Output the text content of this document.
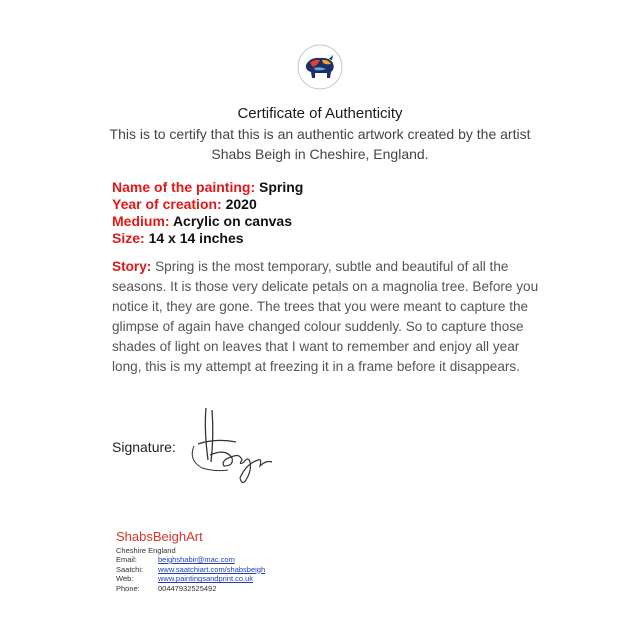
Certificate of Authenticity
This is to certify that this is an authentic artwork created by the artist
Shabs Beigh in Cheshire, England.
Name of the painting: Spring
Year of creation: 2020
Medium: Acrylic on canvas
Size: 14 x 14 inches
Story: Spring is the most temporary, subtle and beautiful of all the seasons. It is those very delicate petals on a magnolia tree. Before you notice it, they are gone. The trees that you were meant to capture the glimpse of again have changed colour suddenly. So to capture those shades of light on leaves that I want to remember and enjoy all year long, this is my attempt at freezing it in a frame before it disappears.
Signature:
ShabsBeighArt
Cheshire England
Email:	beighshabir@mac.com
Saatchi: www.saatchiart.com/shabsbeigh
Web:	www.paintingsandprint.co.uk
Phone: 00447932525492
